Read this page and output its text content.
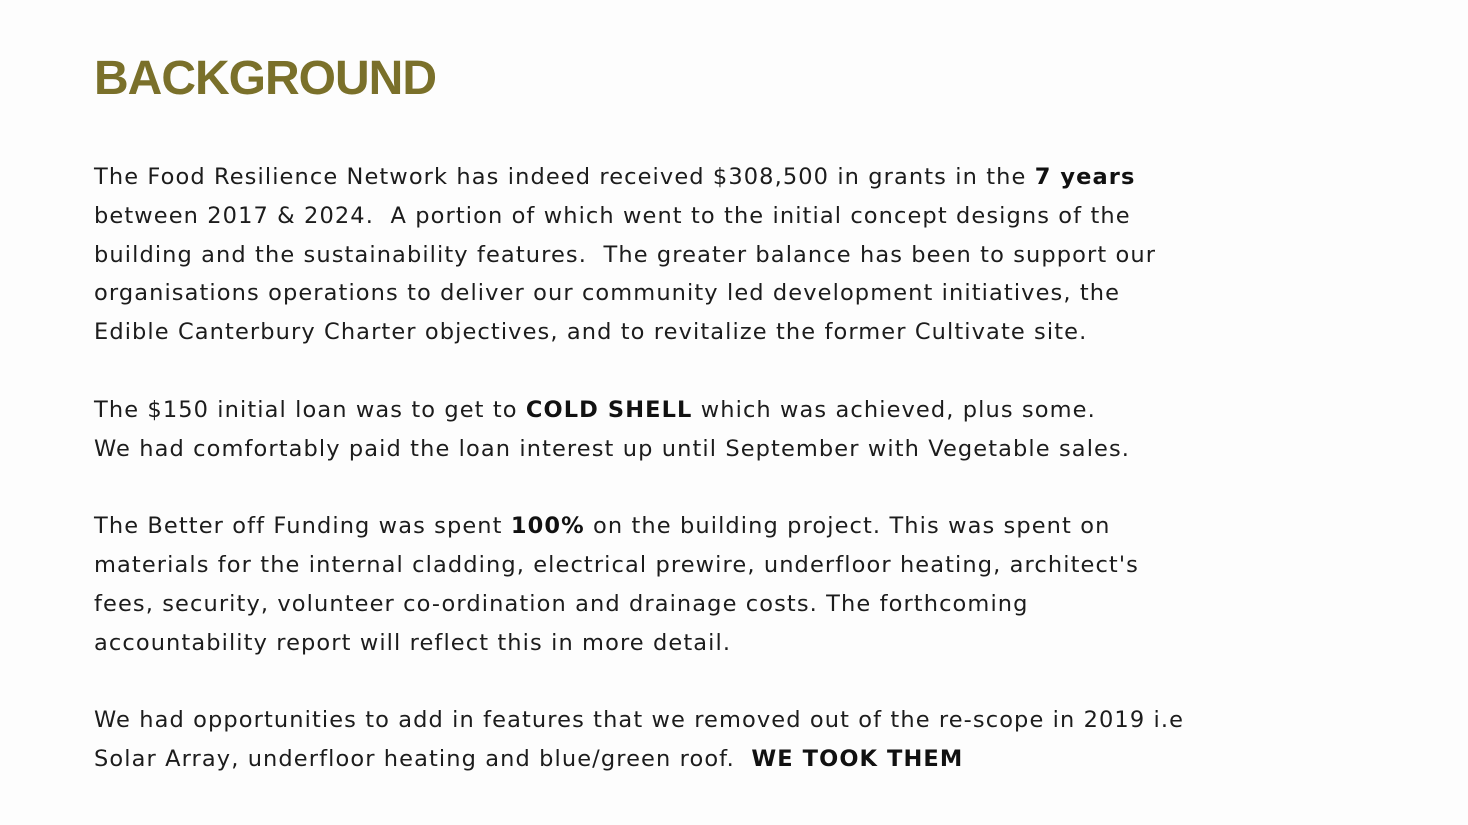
BACKGROUND

The Food Resilience Network has indeed received $308,500 in grants in the 7 years
between 2017 & 2024.  A portion of which went to the initial concept designs of the
building and the sustainability features.  The greater balance has been to support our
organisations operations to deliver our community led development initiatives, the
Edible Canterbury Charter objectives, and to revitalize the former Cultivate site.

The $150 initial loan was to get to COLD SHELL which was achieved, plus some.
We had comfortably paid the loan interest up until September with Vegetable sales.

The Better off Funding was spent 100% on the building project. This was spent on
materials for the internal cladding, electrical prewire, underfloor heating, architect's
fees, security, volunteer co-ordination and drainage costs. The forthcoming
accountability report will reflect this in more detail.

We had opportunities to add in features that we removed out of the re-scope in 2019 i.e
Solar Array, underfloor heating and blue/green roof.  WE TOOK THEM
